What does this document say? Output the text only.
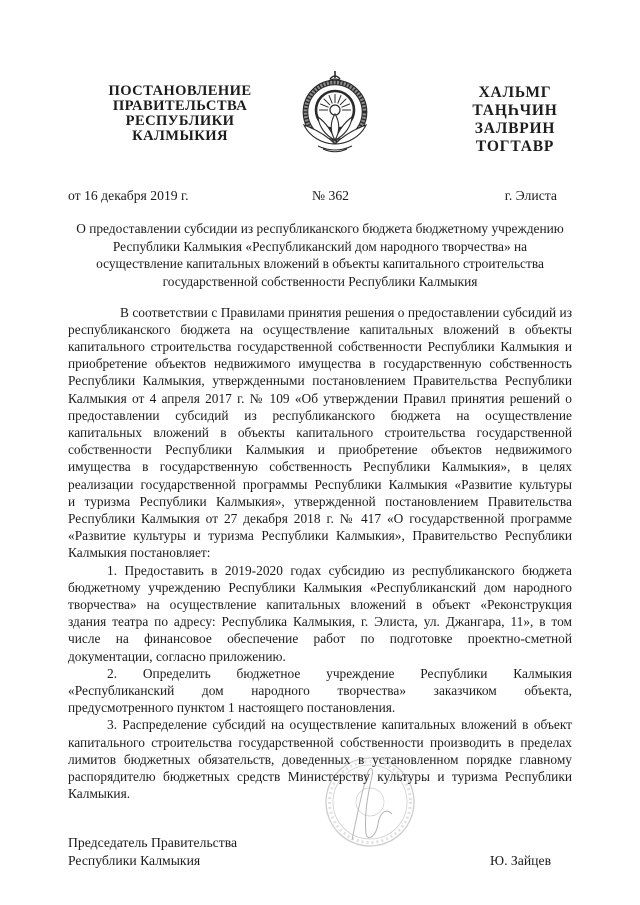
ПОСТАНОВЛЕНИЕ
ПРАВИТЕЛЬСТВА
РЕСПУБЛИКИ
КАЛМЫКИЯ
ХАЛЬМГ
ТАҢҺЧИН
ЗАЛВРИН
ТОГТАВР
от 16 декабря 2019 г.	№ 362	г. Элиста
О предоставлении субсидии из республиканского бюджета бюджетному учреждению
Республики Калмыкия «Республиканский дом народного творчества» на
осуществление капитальных вложений в объекты капитального строительства
государственной собственности Республики Калмыкия
В соответствии с Правилами принятия решения о предоставлении субсидий из
республиканского бюджета на осуществление капитальных вложений в объекты
капитального строительства государственной собственности Республики Калмыкия и
приобретение объектов недвижимого имущества в государственную собственность
Республики Калмыкия, утвержденными постановлением Правительства Республики
Калмыкия от 4 апреля 2017 г. № 109 «Об утверждении Правил принятия решений о
предоставлении субсидий из республиканского бюджета на осуществление
капитальных вложений в объекты капитального строительства государственной
собственности Республики Калмыкия и приобретение объектов недвижимого
имущества в государственную собственность Республики Калмыкия», в целях
реализации государственной программы Республики Калмыкия «Развитие культуры
и туризма Республики Калмыкия», утвержденной постановлением Правительства
Республики Калмыкия от 27 декабря 2018 г. № 417 «О государственной программе
«Развитие культуры и туризма Республики Калмыкия», Правительство Республики
Калмыкия постановляет:
1. Предоставить в 2019-2020 годах субсидию из республиканского бюджета
бюджетному учреждению Республики Калмыкия «Республиканский дом народного
творчества» на осуществление капитальных вложений в объект «Реконструкция
здания театра по адресу: Республика Калмыкия, г. Элиста, ул. Джангара, 11», в том
числе на финансовое обеспечение работ по подготовке проектно-сметной
документации, согласно приложению.
2. Определить бюджетное учреждение Республики Калмыкия
«Республиканский дом народного творчества» заказчиком объекта,
предусмотренного пунктом 1 настоящего постановления.
3. Распределение субсидий на осуществление капитальных вложений в объект
капитального строительства государственной собственности производить в пределах
лимитов бюджетных обязательств, доведенных в установленном порядке главному
распорядителю бюджетных средств Министерству культуры и туризма Республики
Калмыкия.
Председатель Правительства
Республики Калмыкия	Ю. Зайцев
